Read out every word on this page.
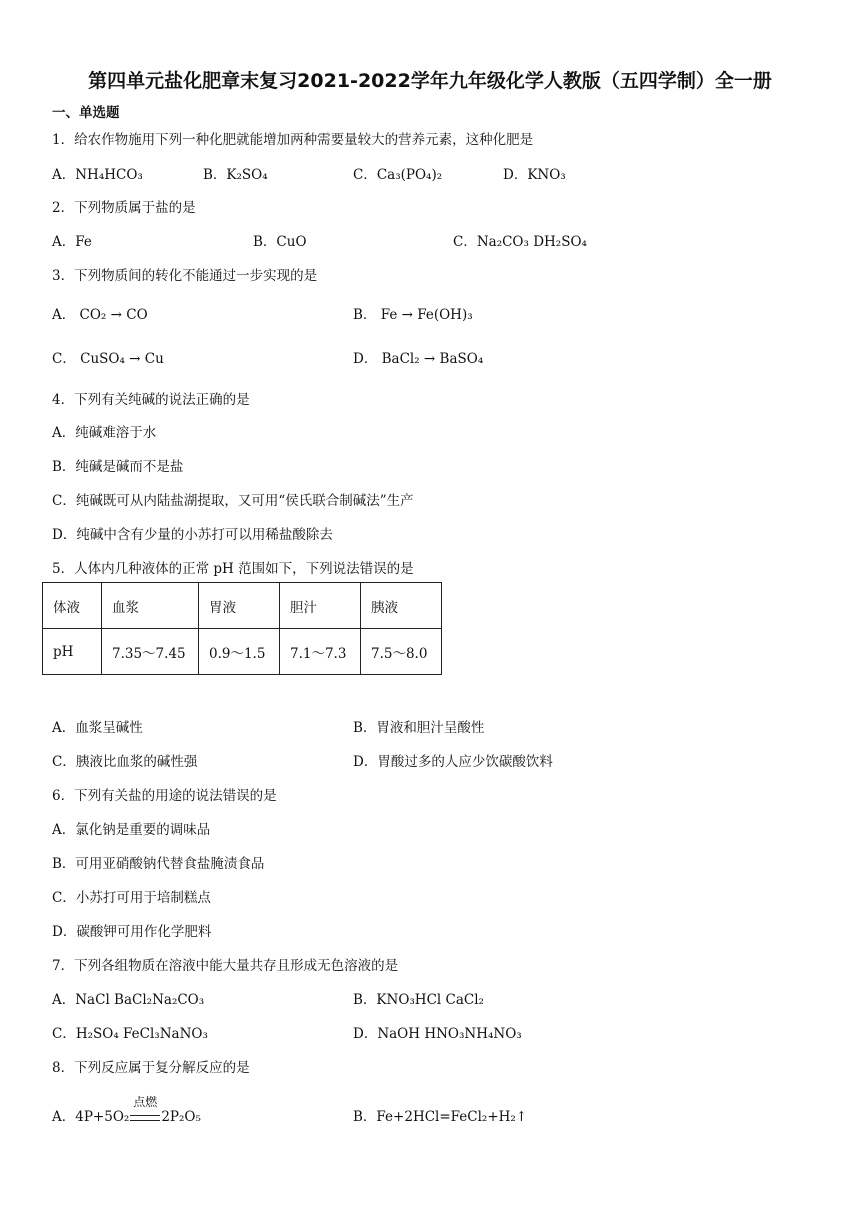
第四单元盐化肥章末复习2021-2022学年九年级化学人教版（五四学制）全一册
一、单选题
1．给农作物施用下列一种化肥就能增加两种需要量较大的营养元素，这种化肥是
A．NH₄HCO₃	B．K₂SO₄	C．Ca₃(PO₄)₂	D．KNO₃
2．下列物质属于盐的是
A．Fe	B．CuO	C．Na₂CO₃ DH₂SO₄
3．下列物质间的转化不能通过一步实现的是
A． CO₂ → CO	B． Fe → Fe(OH)₃
C． CuSO₄ → Cu	D． BaCl₂ → BaSO₄
4．下列有关纯碱的说法正确的是
A．纯碱难溶于水
B．纯碱是碱而不是盐
C．纯碱既可从内陆盐湖提取，又可用“侯氏联合制碱法”生产
D．纯碱中含有少量的小苏打可以用稀盐酸除去
5．人体内几种液体的正常 pH 范围如下，下列说法错误的是
体液	血浆	胃液	胆汁	胰液
pH	7.35～7.45	0.9～1.5	7.1～7.3	7.5～8.0
A．血浆呈碱性	B．胃液和胆汁呈酸性
C．胰液比血浆的碱性强	D．胃酸过多的人应少饮碳酸饮料
6．下列有关盐的用途的说法错误的是
A．氯化钠是重要的调味品
B．可用亚硝酸钠代替食盐腌渍食品
C．小苏打可用于培制糕点
D．碳酸钾可用作化学肥料
7．下列各组物质在溶液中能大量共存且形成无色溶液的是
A．NaCl BaCl₂Na₂CO₃	B．KNO₃HCl CaCl₂
C．H₂SO₄ FeCl₃NaNO₃	D．NaOH HNO₃NH₄NO₃
8．下列反应属于复分解反应的是
A．4P+5O₂
点燃
2P₂O₅	B．Fe+2HCl=FeCl₂+H₂↑
